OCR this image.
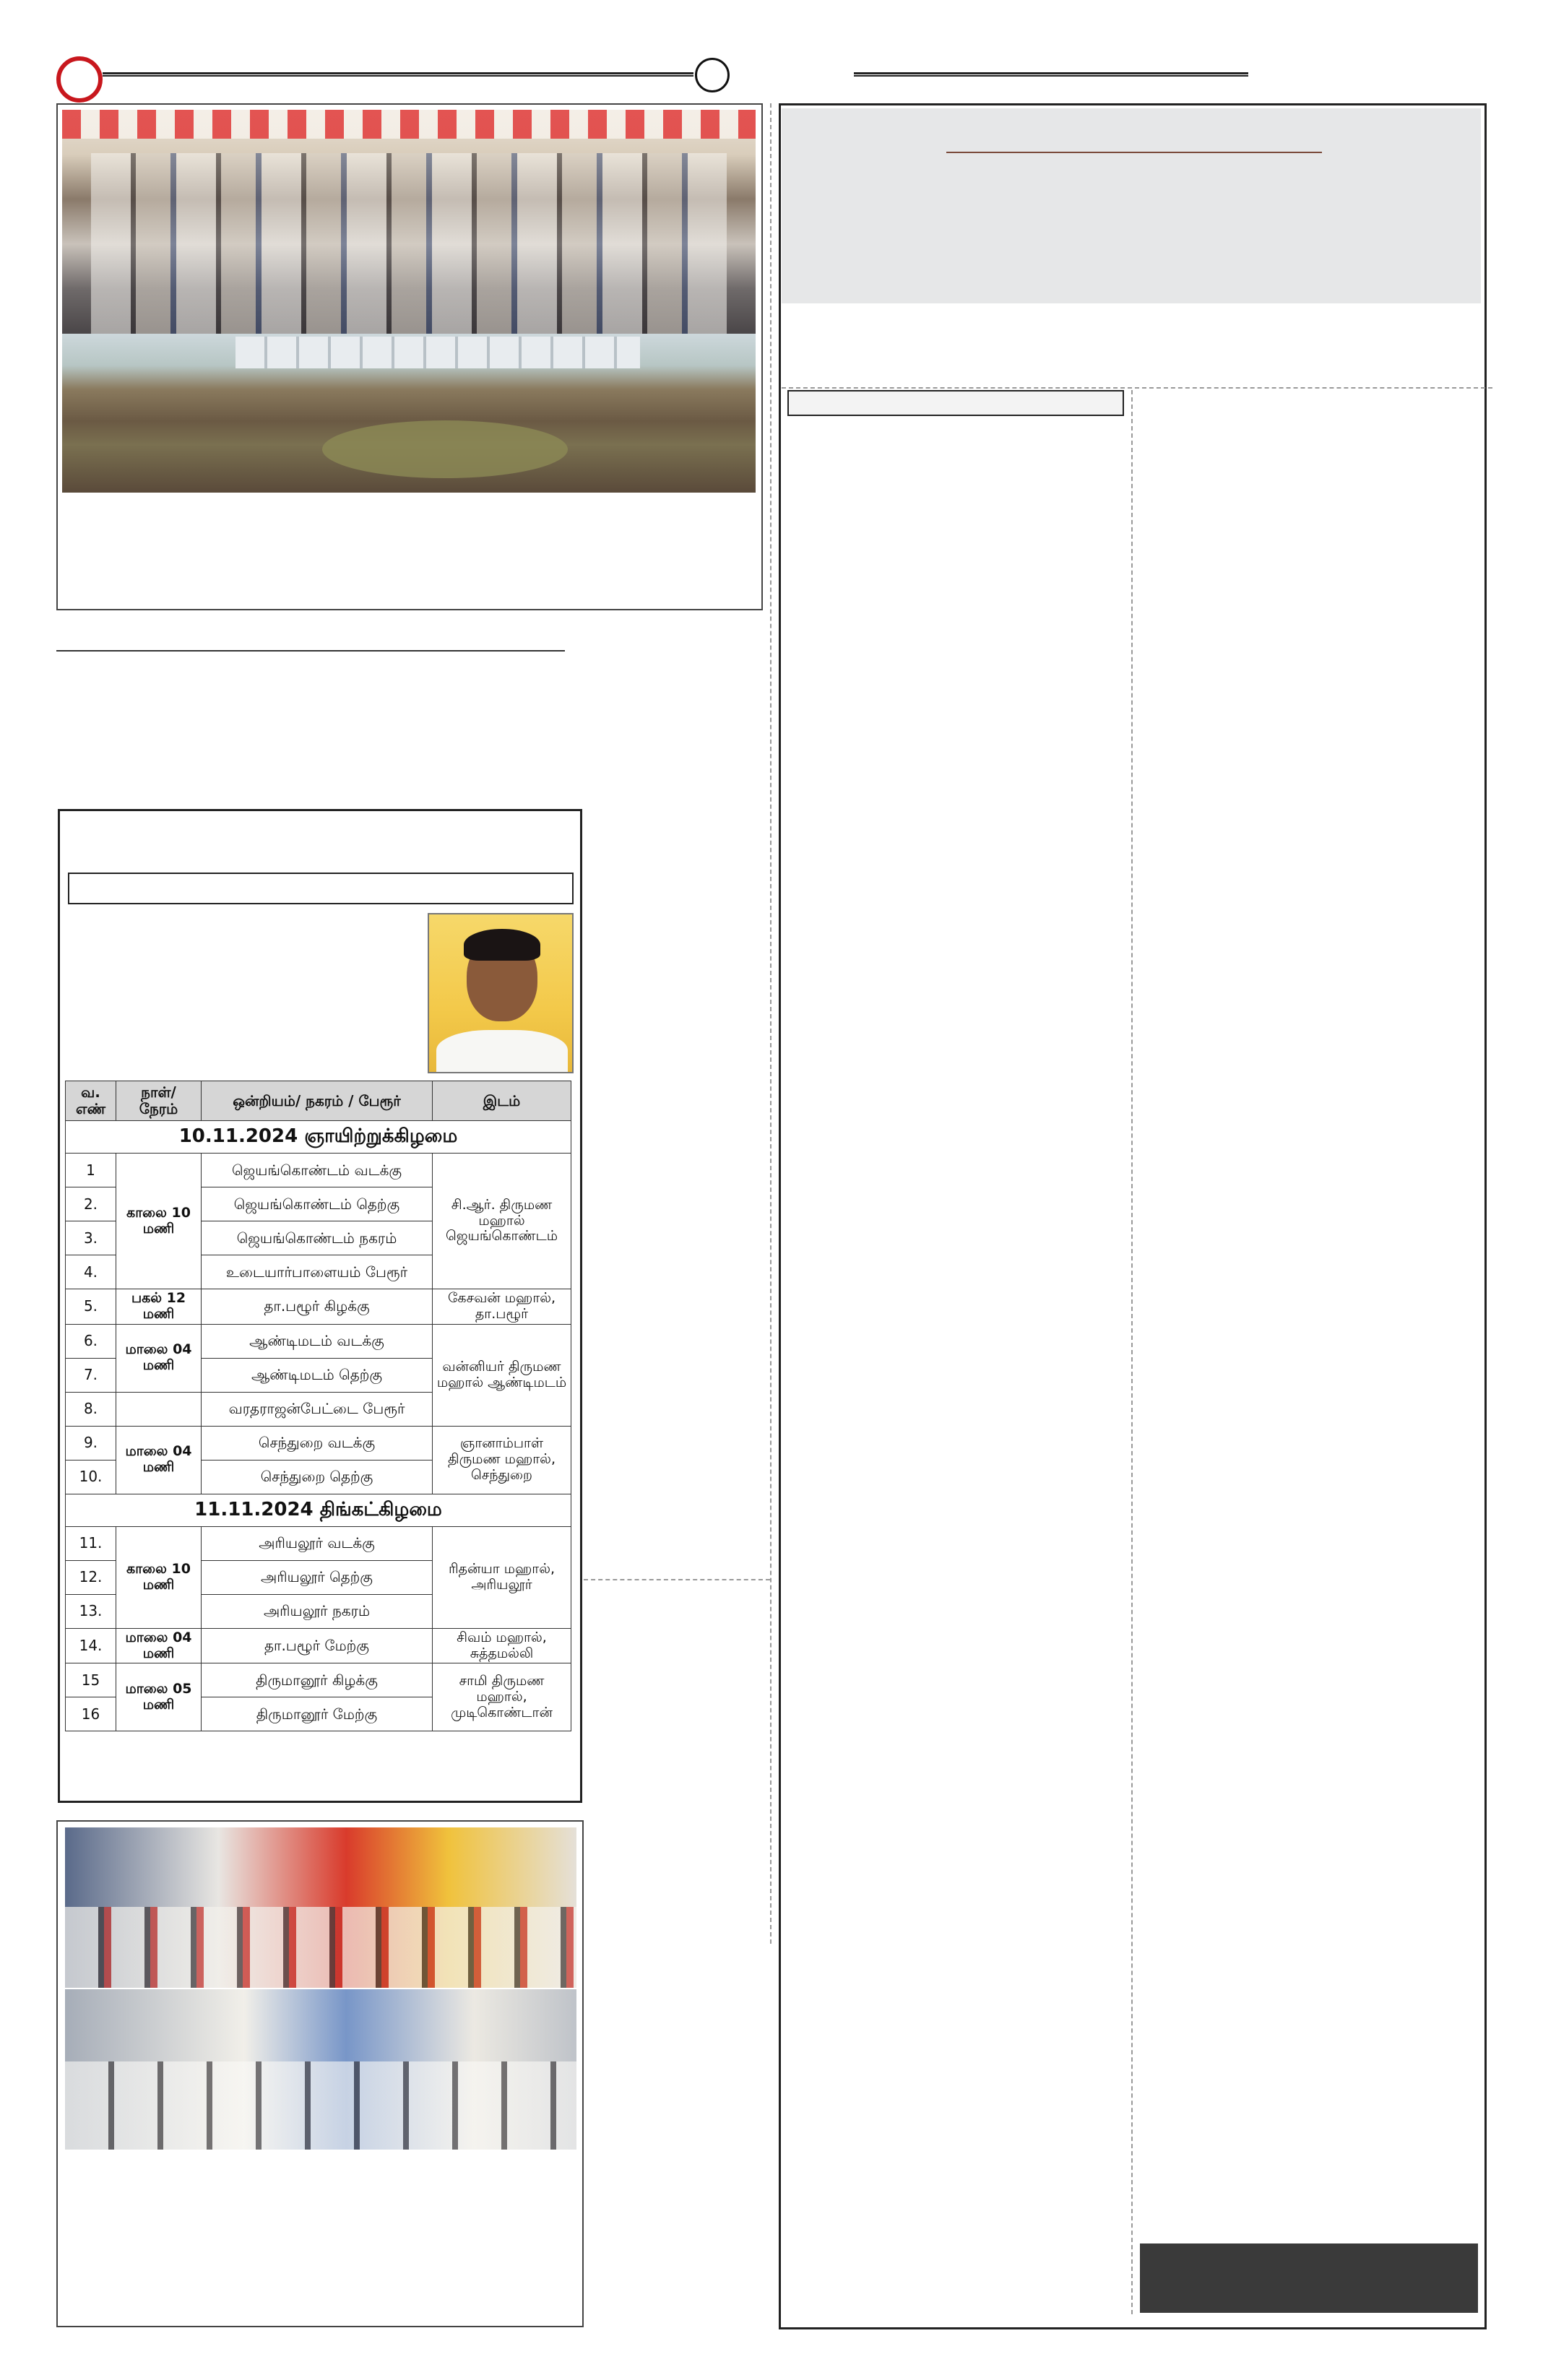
வ. எண்	நாள்/ நேரம்	ஒன்றியம்/ நகரம் / பேரூர்	இடம்
10.11.2024 ஞாயிற்றுக்கிழமை			
1	காலை 10 மணி	ஜெயங்கொண்டம் வடக்கு	சி.ஆர். திருமண மஹால் ஜெயங்கொண்டம்
2.		ஜெயங்கொண்டம் தெற்கு	
3.		ஜெயங்கொண்டம் நகரம்	
4.		உடையார்பாளையம் பேரூர்	
5.	பகல் 12 மணி	தா.பழூர் கிழக்கு	கேசவன் மஹால், தா.பழூர்
6.	மாலை 04 மணி	ஆண்டிமடம் வடக்கு	வன்னியர் திருமண மஹால் ஆண்டிமடம்
7.		ஆண்டிமடம் தெற்கு	
8.		வரதராஜன்பேட்டை பேரூர்	
9.	மாலை 04 மணி	செந்துறை வடக்கு	ஞானாம்பாள் திருமண மஹால், செந்துறை
10.		செந்துறை தெற்கு	
11.11.2024 திங்கட்கிழமை			
11.	காலை 10 மணி	அரியலூர் வடக்கு	ரிதன்யா மஹால், அரியலூர்
12.		அரியலூர் தெற்கு	
13.		அரியலூர் நகரம்	
14.	மாலை 04 மணி	தா.பழூர் மேற்கு	சிவம் மஹால், சுத்தமல்லி
15	மாலை 05 மணி	திருமானூர் கிழக்கு	சாமி திருமண மஹால், முடிகொண்டான்
16		திருமானூர் மேற்கு	
